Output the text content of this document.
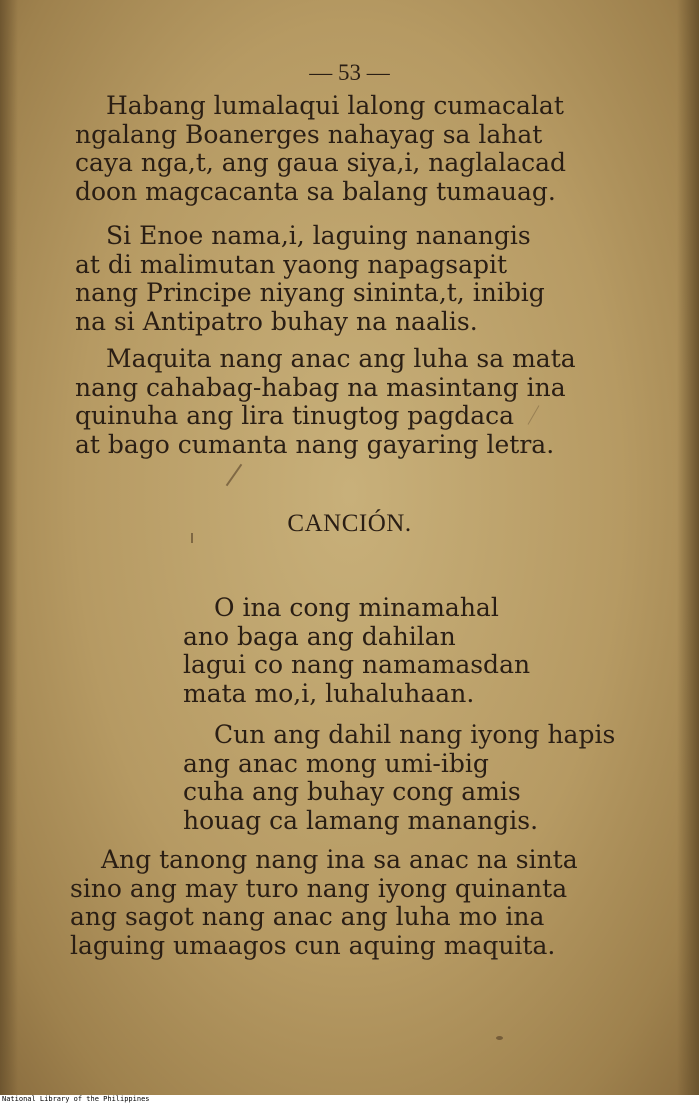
— 53 —
Habang lumalaqui lalong cumacalat
ngalang Boanerges nahayag sa lahat
caya nga,t, ang gaua siya,i, naglalacad
doon magcacanta sa balang tumauag.
Si Enoe nama,i, laguing nanangis
at di malimutan yaong napagsapit
nang Principe niyang sininta,t, inibig
na si Antipatro buhay na naalis.
Maquita nang anac ang luha sa mata
nang cahabag-habag na masintang ina
quinuha ang lira tinugtog pagdaca
at bago cumanta nang gayaring letra.
CANCIÓN.
O ina cong minamahal
ano baga ang dahilan
lagui co nang namamasdan
mata mo,i, luhaluhaan.
Cun ang dahil nang iyong hapis
ang anac mong umi-ibig
cuha ang buhay cong amis
houag ca lamang manangis.
Ang tanong nang ina sa anac na sinta
sino ang may turo nang iyong quinanta
ang sagot nang anac ang luha mo ina
laguing umaagos cun aquing maquita.
National Library of the Philippines
